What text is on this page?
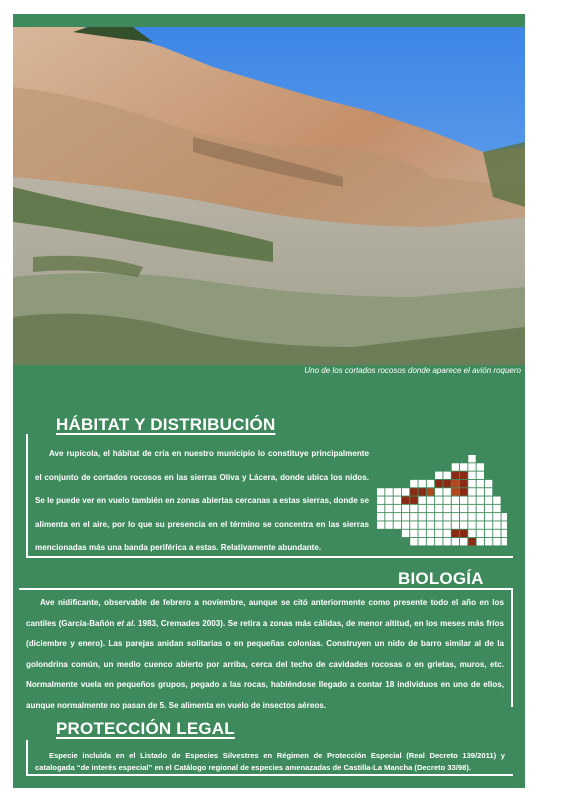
Uno de los cortados rocosos donde aparece el avión roquero
HÁBITAT Y DISTRIBUCIÓN
Ave rupícola, el hábitat de cría en nuestro municipio lo constituye principalmente el conjunto de cortados rocosos en las sierras Oliva y Lácera, donde ubica los nidos. Se le puede ver en vuelo también en zonas abiertas cercanas a estas sierras, donde se alimenta en el aire, por lo que su presencia en el término se concentra en las sierras mencionadas más una banda periférica a estas. Relativamente abundante.
BIOLOGÍA
Ave nidificante, observable de febrero a noviembre, aunque se citó anteriormente como presente todo el año en los cantiles (García-Bañón et al. 1983, Cremades 2003). Se retira a zonas más cálidas, de menor altitud, en los meses más fríos (diciembre y enero). Las parejas anidan solitarias o en pequeñas colonias. Construyen un nido de barro similar al de la golondrina común, un medio cuenco abierto por arriba, cerca del techo de cavidades rocosas o en grietas, muros, etc. Normalmente vuela en pequeños grupos, pegado a las rocas, habiéndose llegado a contar 18 individuos en uno de ellos, aunque normalmente no pasan de 5. Se alimenta en vuelo de insectos aéreos.
PROTECCIÓN LEGAL
Especie incluida en el Listado de Especies Silvestres en Régimen de Protección Especial (Real Decreto 139/2011) y catalogada “de interés especial” en el Catálogo regional de especies amenazadas de Castilla-La Mancha (Decreto 33/98).
